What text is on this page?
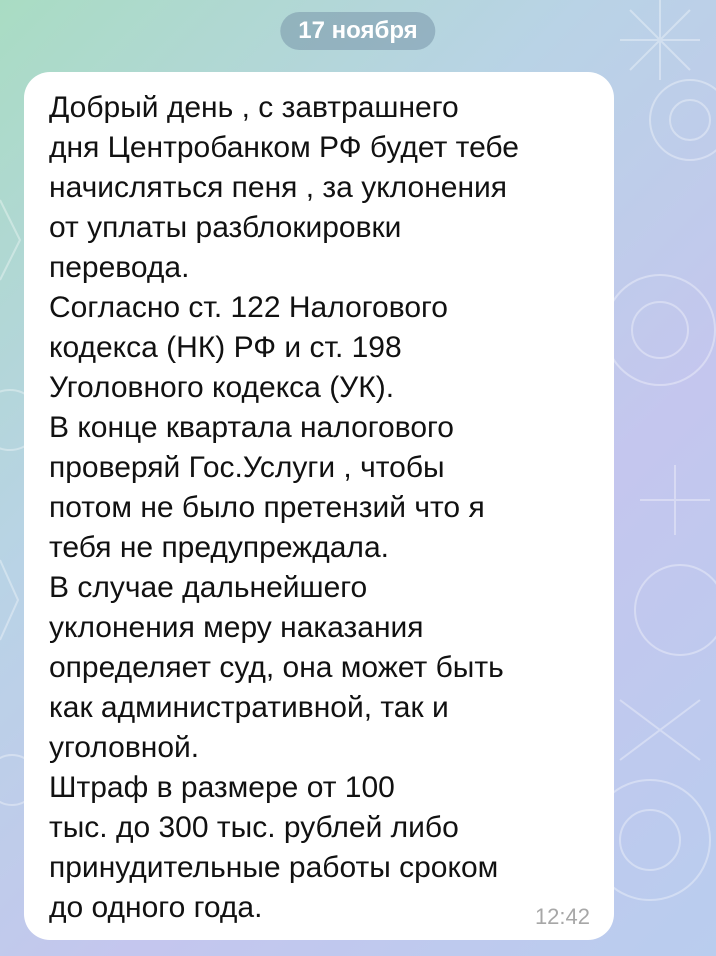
17 ноября

Добрый день , с завтрашнего
дня Центробанком РФ будет тебе
начисляться пеня , за уклонения
от уплаты разблокировки
перевода.
Согласно ст. 122 Налогового
кодекса (НК) РФ и ст. 198
Уголовного кодекса (УК).
В конце квартала налогового
проверяй Гос.Услуги , чтобы
потом не было претензий что я
тебя не предупреждала.
В случае дальнейшего
уклонения меру наказания
определяет суд, она может быть
как административной, так и
уголовной.
Штраф в размере от 100
тыс. до 300 тыс. рублей либо
принудительные работы сроком
до одного года.	12:42
